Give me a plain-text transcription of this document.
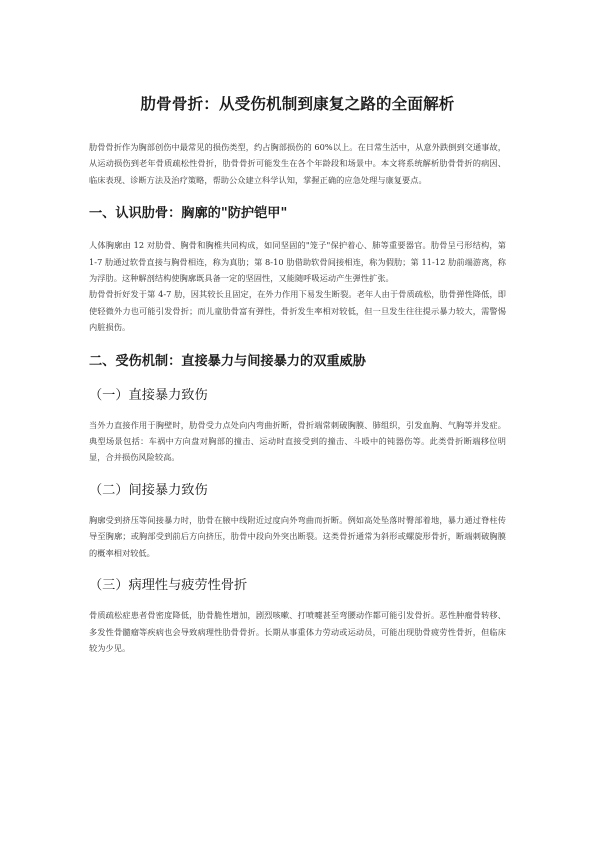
肋骨骨折：从受伤机制到康复之路的全面解析

肋骨骨折作为胸部创伤中最常见的损伤类型，约占胸部损伤的 60%以上。在日常生活中，从意外跌倒到交通事故，从运动损伤到老年骨质疏松性骨折，肋骨骨折可能发生在各个年龄段和场景中。本文将系统解析肋骨骨折的病因、临床表现、诊断方法及治疗策略，帮助公众建立科学认知，掌握正确的应急处理与康复要点。

一、认识肋骨：胸廓的"防护铠甲"

人体胸廓由 12 对肋骨、胸骨和胸椎共同构成，如同坚固的"笼子"保护着心、肺等重要器官。肋骨呈弓形结构，第 1-7 肋通过软骨直接与胸骨相连，称为真肋；第 8-10 肋借助软骨间接相连，称为假肋；第 11-12 肋前端游离，称为浮肋。这种解剖结构使胸廓既具备一定的坚固性，又能随呼吸运动产生弹性扩张。

肋骨骨折好发于第 4-7 肋，因其较长且固定，在外力作用下易发生断裂。老年人由于骨质疏松，肋骨弹性降低，即使轻微外力也可能引发骨折；而儿童肋骨富有弹性，骨折发生率相对较低，但一旦发生往往提示暴力较大，需警惕内脏损伤。

二、受伤机制：直接暴力与间接暴力的双重威胁
（一）直接暴力致伤

当外力直接作用于胸壁时，肋骨受力点处向内弯曲折断，骨折端常刺破胸膜、肺组织，引发血胸、气胸等并发症。典型场景包括：车祸中方向盘对胸部的撞击、运动时直接受到的撞击、斗殴中的钝器伤等。此类骨折断端移位明显，合并损伤风险较高。

（二）间接暴力致伤

胸廓受到挤压等间接暴力时，肋骨在腋中线附近过度向外弯曲而折断。例如高处坠落时臀部着地，暴力通过脊柱传导至胸廓；或胸部受到前后方向挤压，肋骨中段向外突出断裂。这类骨折通常为斜形或螺旋形骨折，断端刺破胸膜的概率相对较低。

（三）病理性与疲劳性骨折

骨质疏松症患者骨密度降低，肋骨脆性增加，剧烈咳嗽、打喷嚏甚至弯腰动作都可能引发骨折。恶性肿瘤骨转移、多发性骨髓瘤等疾病也会导致病理性肋骨骨折。长期从事重体力劳动或运动员，可能出现肋骨疲劳性骨折，但临床较为少见。
